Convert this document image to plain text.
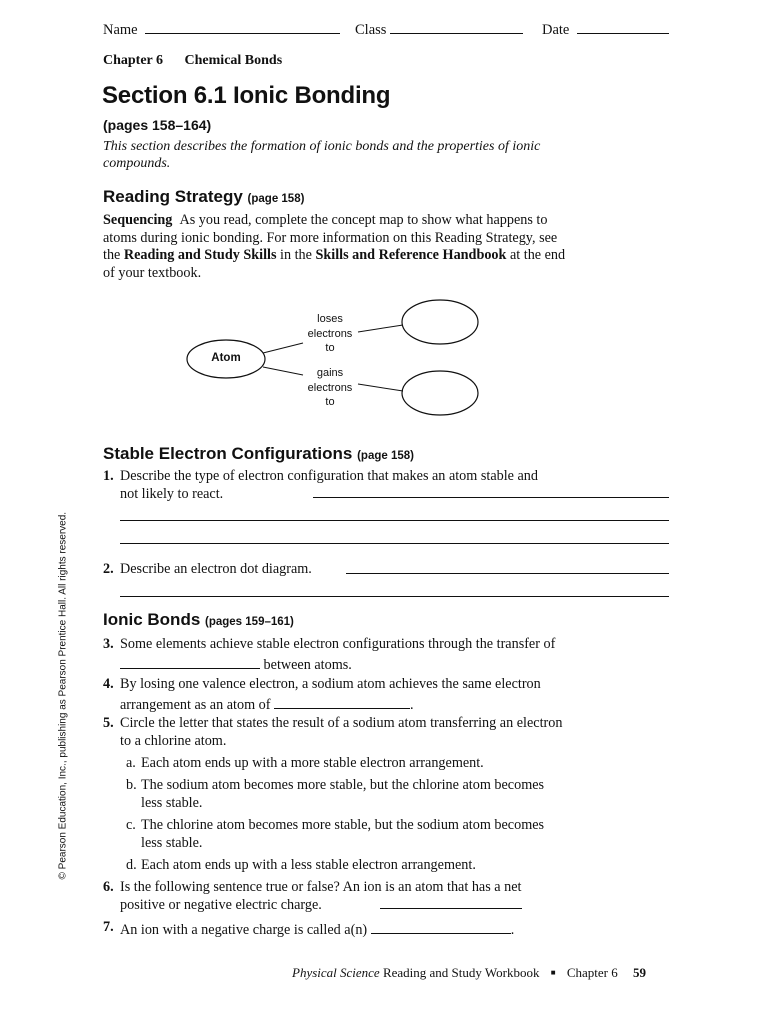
Name	Class	Date
Chapter 6 Chemical Bonds
Section 6.1 Ionic Bonding
(pages 158–164)
This section describes the formation of ionic bonds and the properties of ionic compounds.
Reading Strategy (page 158)
Sequencing As you read, complete the concept map to show what happens to atoms during ionic bonding. For more information on this Reading Strategy, see the Reading and Study Skills in the Skills and Reference Handbook at the end of your textbook.
Atom
loses
electrons
to
gains
electrons
to
Stable Electron Configurations (page 158)
1. Describe the type of electron configuration that makes an atom stable and not likely to react.
2. Describe an electron dot diagram.
Ionic Bonds (pages 159–161)
3. Some elements achieve stable electron configurations through the transfer of  between atoms.
4. By losing one valence electron, a sodium atom achieves the same electron arrangement as an atom of	.
5. Circle the letter that states the result of a sodium atom transferring an electron to a chlorine atom.
a. Each atom ends up with a more stable electron arrangement.
b. The sodium atom becomes more stable, but the chlorine atom becomes less stable.
c. The chlorine atom becomes more stable, but the sodium atom becomes less stable.
d. Each atom ends up with a less stable electron arrangement.
6. Is the following sentence true or false? An ion is an atom that has a net positive or negative electric charge.
7. An ion with a negative charge is called a(n)	.
Physical Science Reading and Study Workbook ■ Chapter 6 59
© Pearson Education, Inc., publishing as Pearson Prentice Hall. All rights reserved.
